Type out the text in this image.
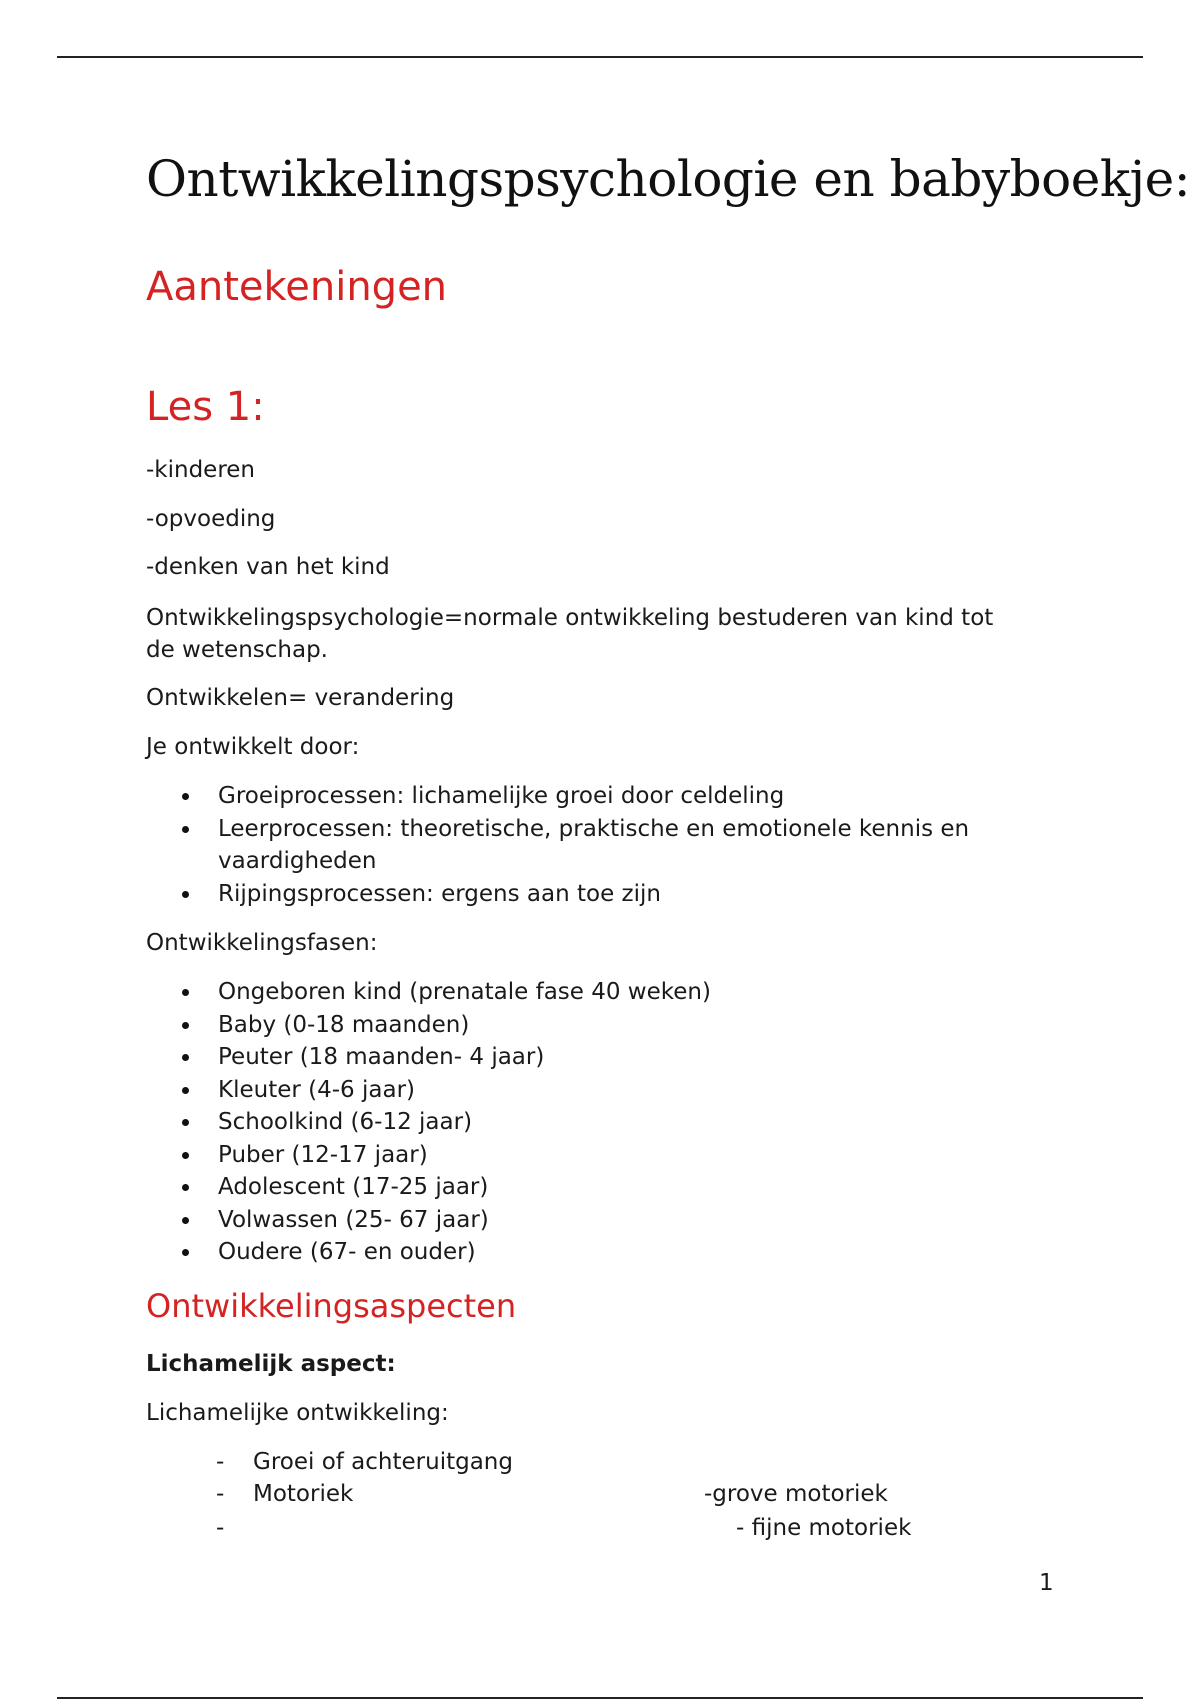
Ontwikkelingspsychologie en babyboekje:
Aantekeningen
Les 1:
-kinderen
-opvoeding
-denken van het kind
Ontwikkelingspsychologie=normale ontwikkeling bestuderen van kind tot
de wetenschap.
Ontwikkelen= verandering
Je ontwikkelt door:
Groeiprocessen: lichamelijke groei door celdeling
Leerprocessen: theoretische, praktische en emotionele kennis en
vaardigheden
Rijpingsprocessen: ergens aan toe zijn
Ontwikkelingsfasen:
Ongeboren kind (prenatale fase 40 weken)
Baby (0-18 maanden)
Peuter (18 maanden- 4 jaar)
Kleuter (4-6 jaar)
Schoolkind (6-12 jaar)
Puber (12-17 jaar)
Adolescent (17-25 jaar)
Volwassen (25- 67 jaar)
Oudere (67- en ouder)
Ontwikkelingsaspecten
Lichamelijk aspect:
Lichamelijke ontwikkeling:
- Groei of achteruitgang
- Motoriek	-grove motoriek
-	- fijne motoriek
1
